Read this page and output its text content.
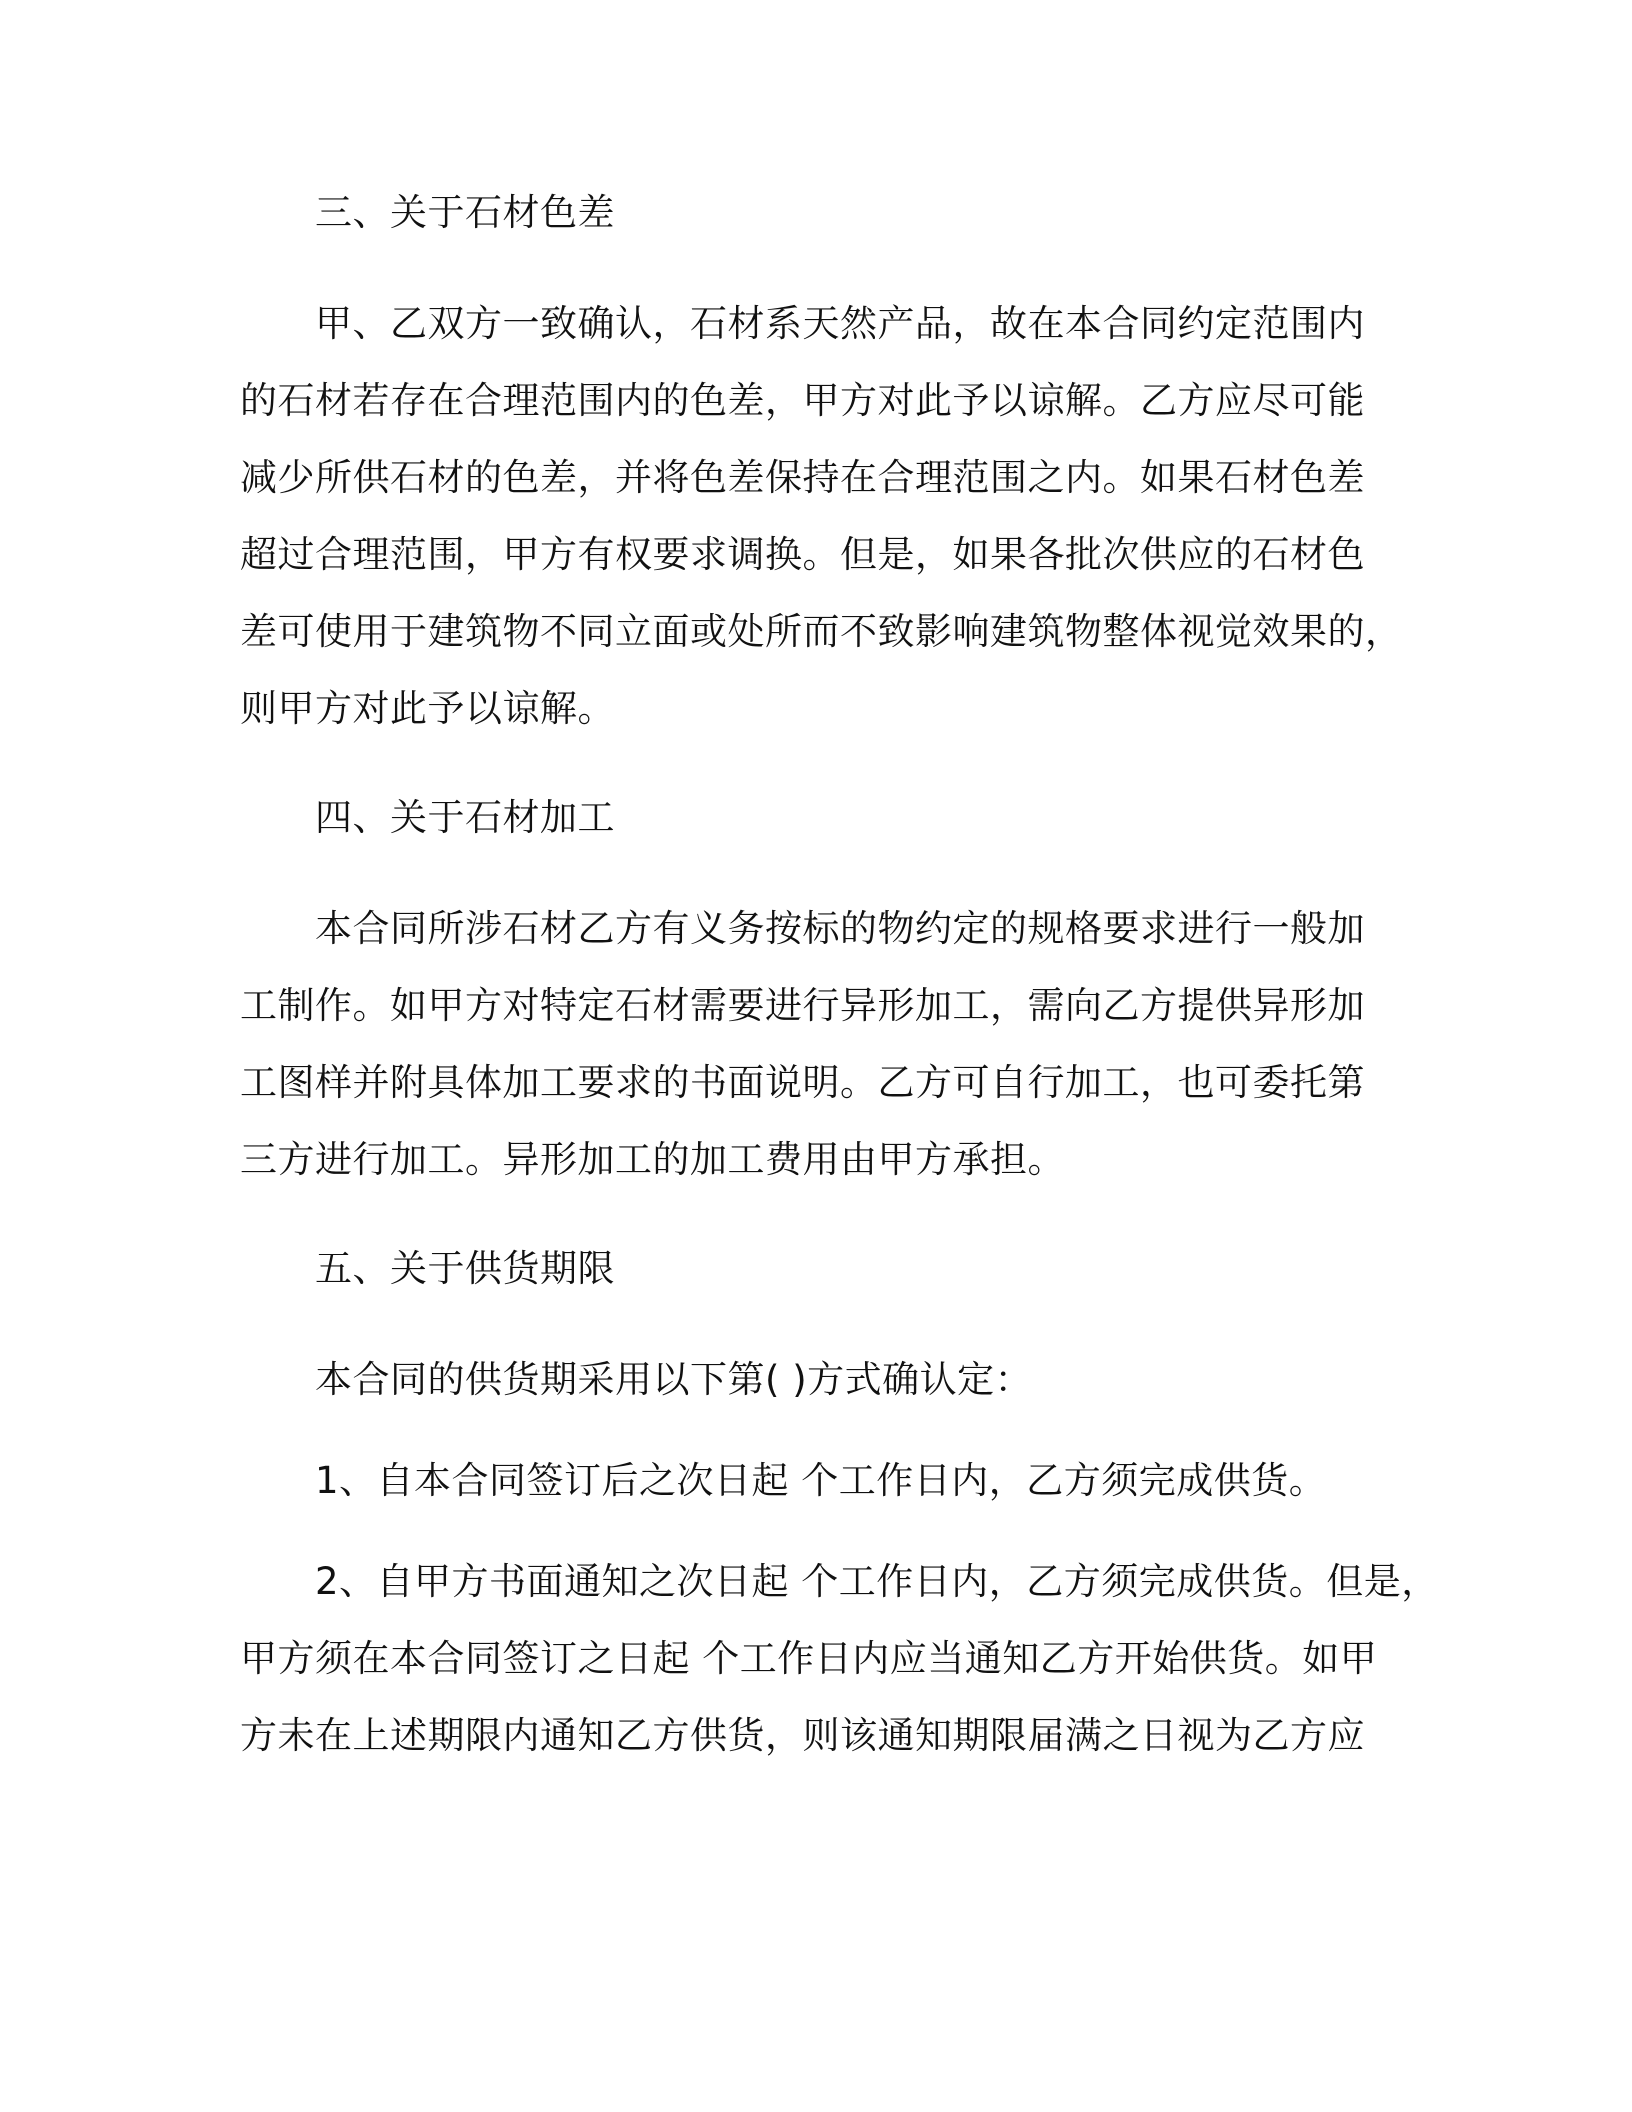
三、关于石材色差
甲、乙双方一致确认，石材系天然产品，故在本合同约定范围内
的石材若存在合理范围内的色差，甲方对此予以谅解。乙方应尽可能
减少所供石材的色差，并将色差保持在合理范围之内。如果石材色差
超过合理范围，甲方有权要求调换。但是，如果各批次供应的石材色
差可使用于建筑物不同立面或处所而不致影响建筑物整体视觉效果的，
则甲方对此予以谅解。
四、关于石材加工
本合同所涉石材乙方有义务按标的物约定的规格要求进行一般加
工制作。如甲方对特定石材需要进行异形加工，需向乙方提供异形加
工图样并附具体加工要求的书面说明。乙方可自行加工，也可委托第
三方进行加工。异形加工的加工费用由甲方承担。
五、关于供货期限
本合同的供货期采用以下第( )方式确认定：
1、自本合同签订后之次日起 个工作日内，乙方须完成供货。
2、自甲方书面通知之次日起 个工作日内，乙方须完成供货。但是，
甲方须在本合同签订之日起 个工作日内应当通知乙方开始供货。如甲
方未在上述期限内通知乙方供货，则该通知期限届满之日视为乙方应
